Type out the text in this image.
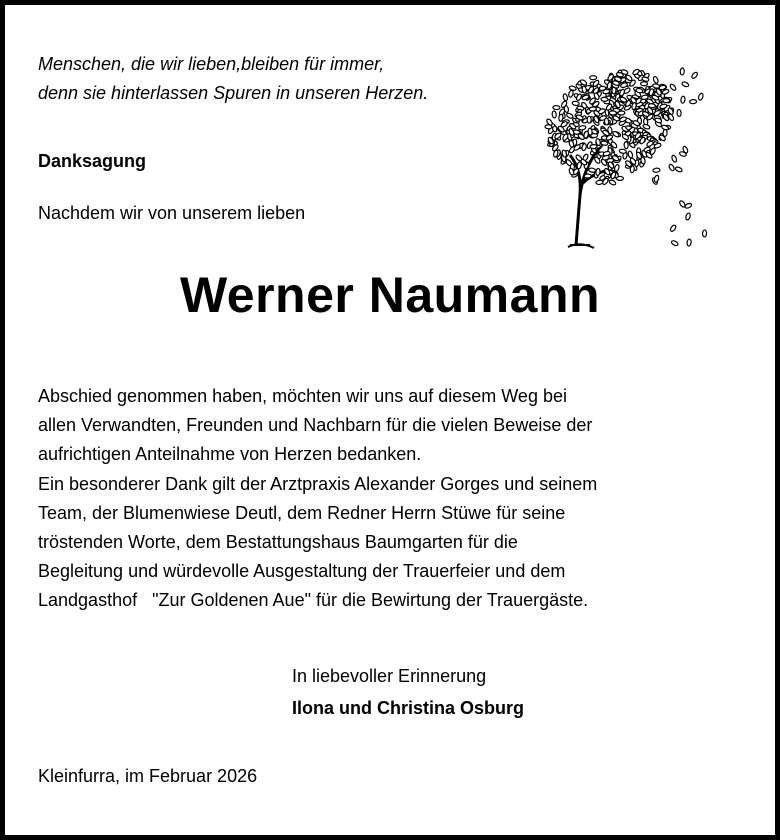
Menschen, die wir lieben,bleiben für immer,
denn sie hinterlassen Spuren in unseren Herzen.
Danksagung
Nachdem wir von unserem lieben
Werner Naumann
Abschied genommen haben, möchten wir uns auf diesem Weg bei
allen Verwandten, Freunden und Nachbarn für die vielen Beweise der
aufrichtigen Anteilnahme von Herzen bedanken.
Ein besonderer Dank gilt der Arztpraxis Alexander Gorges und seinem
Team, der Blumenwiese Deutl, dem Redner Herrn Stüwe für seine
tröstenden Worte, dem Bestattungshaus Baumgarten für die
Begleitung und würdevolle Ausgestaltung der Trauerfeier und dem
Landgasthof   "Zur Goldenen Aue" für die Bewirtung der Trauergäste.
In liebevoller Erinnerung
Ilona und Christina Osburg
Kleinfurra, im Februar 2026
